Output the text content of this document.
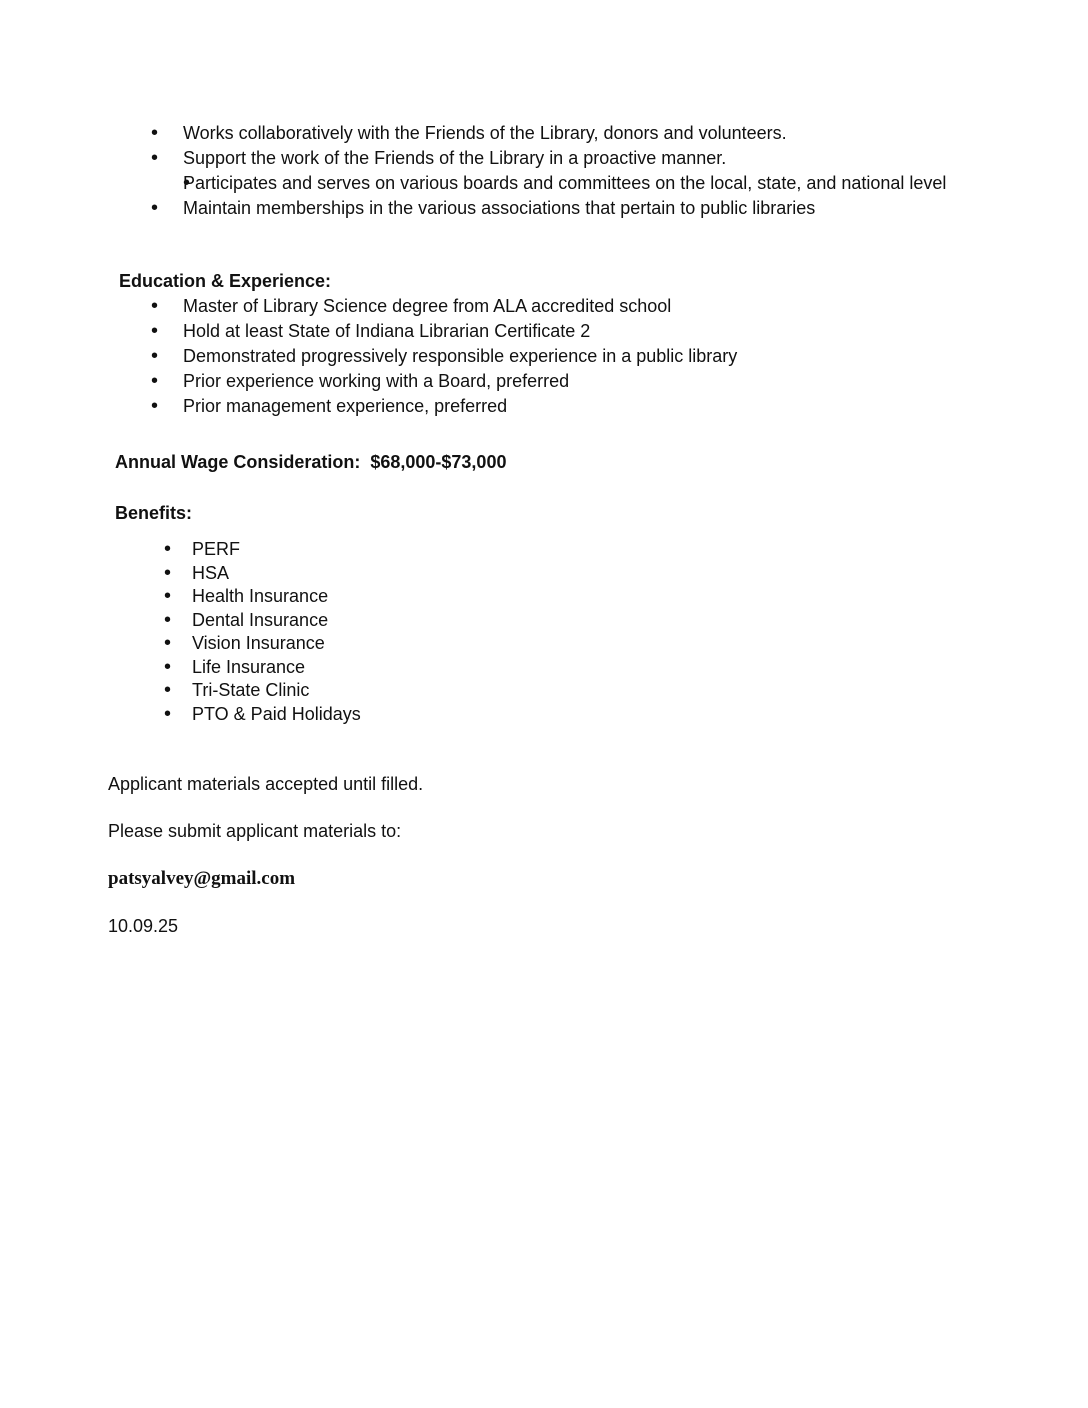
• Works collaboratively with the Friends of the Library, donors and volunteers.
• Support the work of the Friends of the Library in a proactive manner.
• Participates and serves on various boards and committees on the local, state, and national level
• Maintain memberships in the various associations that pertain to public libraries

Education & Experience:

• Master of Library Science degree from ALA accredited school
• Hold at least State of Indiana Librarian Certificate 2
• Demonstrated progressively responsible experience in a public library
• Prior experience working with a Board, preferred
• Prior management experience, preferred

Annual Wage Consideration:  $68,000-$73,000

Benefits:

• PERF
• HSA
• Health Insurance
• Dental Insurance
• Vision Insurance
• Life Insurance
• Tri-State Clinic
• PTO & Paid Holidays

Applicant materials accepted until filled.

Please submit applicant materials to:

patsyalvey@gmail.com

10.09.25
